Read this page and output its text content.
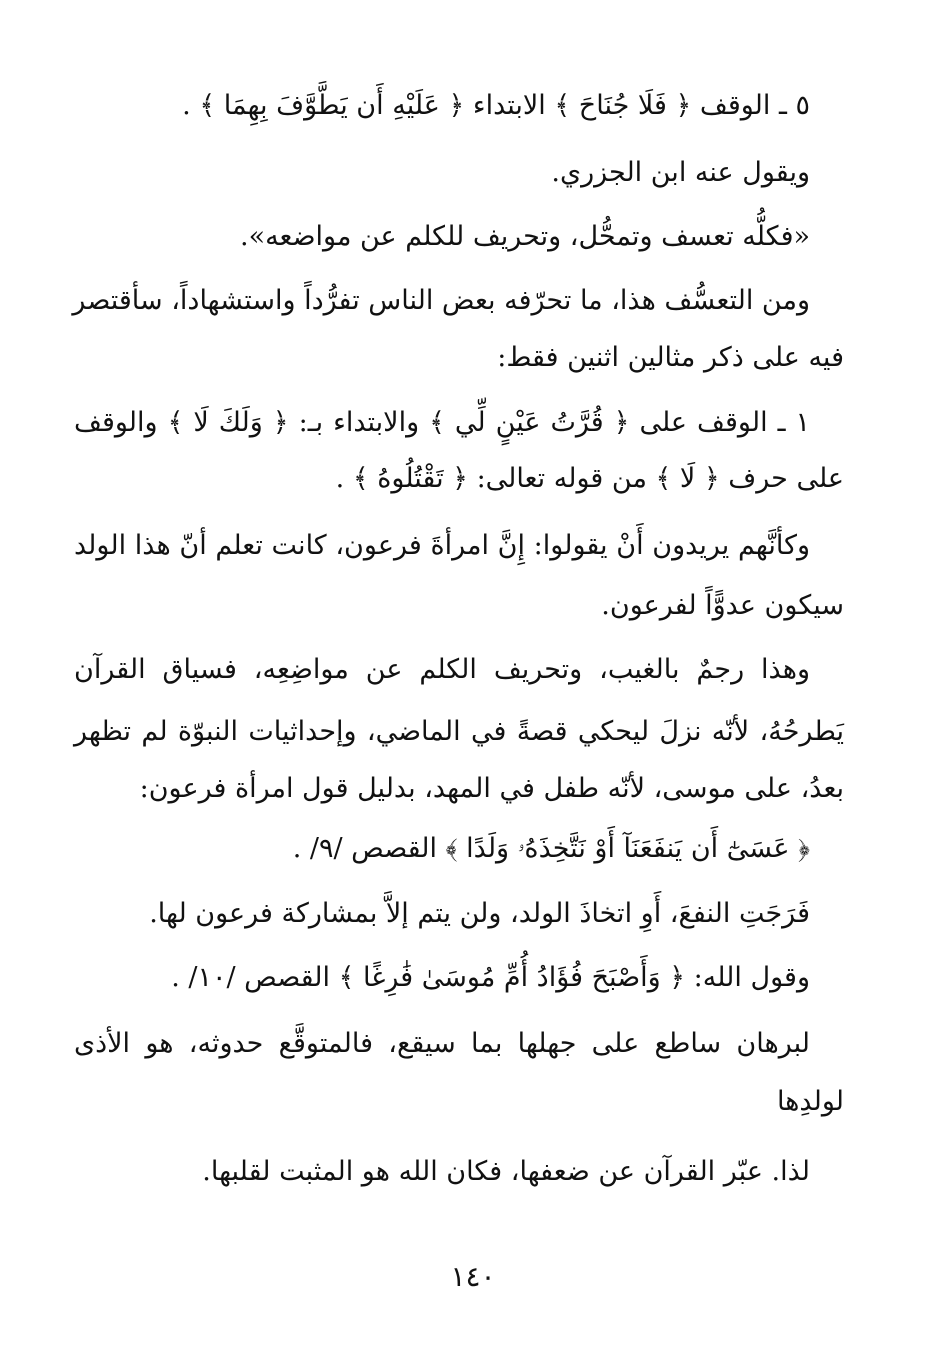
٥ ـ الوقف ﴿ فَلَا جُنَاحَ ﴾ الابتداء ﴿ عَلَيْهِ أَن يَطَّوَّفَ بِهِمَا ﴾ .
ويقول عنه ابن الجزري.
«فكلُّه تعسف وتمحُّل، وتحريف للكلم عن مواضعه».
ومن التعسُّف هذا، ما تحرّفه بعض الناس تفرُّداً واستشهاداً، سأقتصر
فيه على ذكر مثالين اثنين فقط:
١ ـ الوقف على ﴿ قُرَّتُ عَيْنٍ لِّي ﴾ والابتداء بـ: ﴿ وَلَكَ لَا ﴾ والوقف
على حرف ﴿ لَا ﴾ من قوله تعالى: ﴿ تَقْتُلُوهُ ﴾ .
وكأنَّهم يريدون أَنْ يقولوا: إِنَّ امرأةَ فرعون، كانت تعلم أنّ هذا الولد
سيكون عدوًّاً لفرعون.
وهذا رجمٌ بالغيب، وتحريف الكلم عن مواضِعِه، فسياق القرآن
يَطرحُهُ، لأنّه نزلَ ليحكي قصةً في الماضي، وإحداثيات النبوّة لم تظهر
بعدُ، على موسى، لأنّه طفل في المهد، بدليل قول امرأة فرعون:
﴿ عَسَىٰٓ أَن يَنفَعَنَآ أَوْ نَتَّخِذَهُۥ وَلَدًا ﴾ القصص /٩/ .
فَرَجَتِ النفعَ، أَوِ اتخاذَ الولد، ولن يتم إلاَّ بمشاركة فرعون لها.
وقول الله: ﴿ وَأَصْبَحَ فُؤَادُ أُمِّ مُوسَىٰ فَٰرِغًا ﴾ القصص /١٠/ .
لبرهان ساطع على جهلها بما سيقع، فالمتوقَّع حدوثه، هو الأذى
لولدِها
لذا. عبّر القرآن عن ضعفها، فكان الله هو المثبت لقلبها.
١٤٠
